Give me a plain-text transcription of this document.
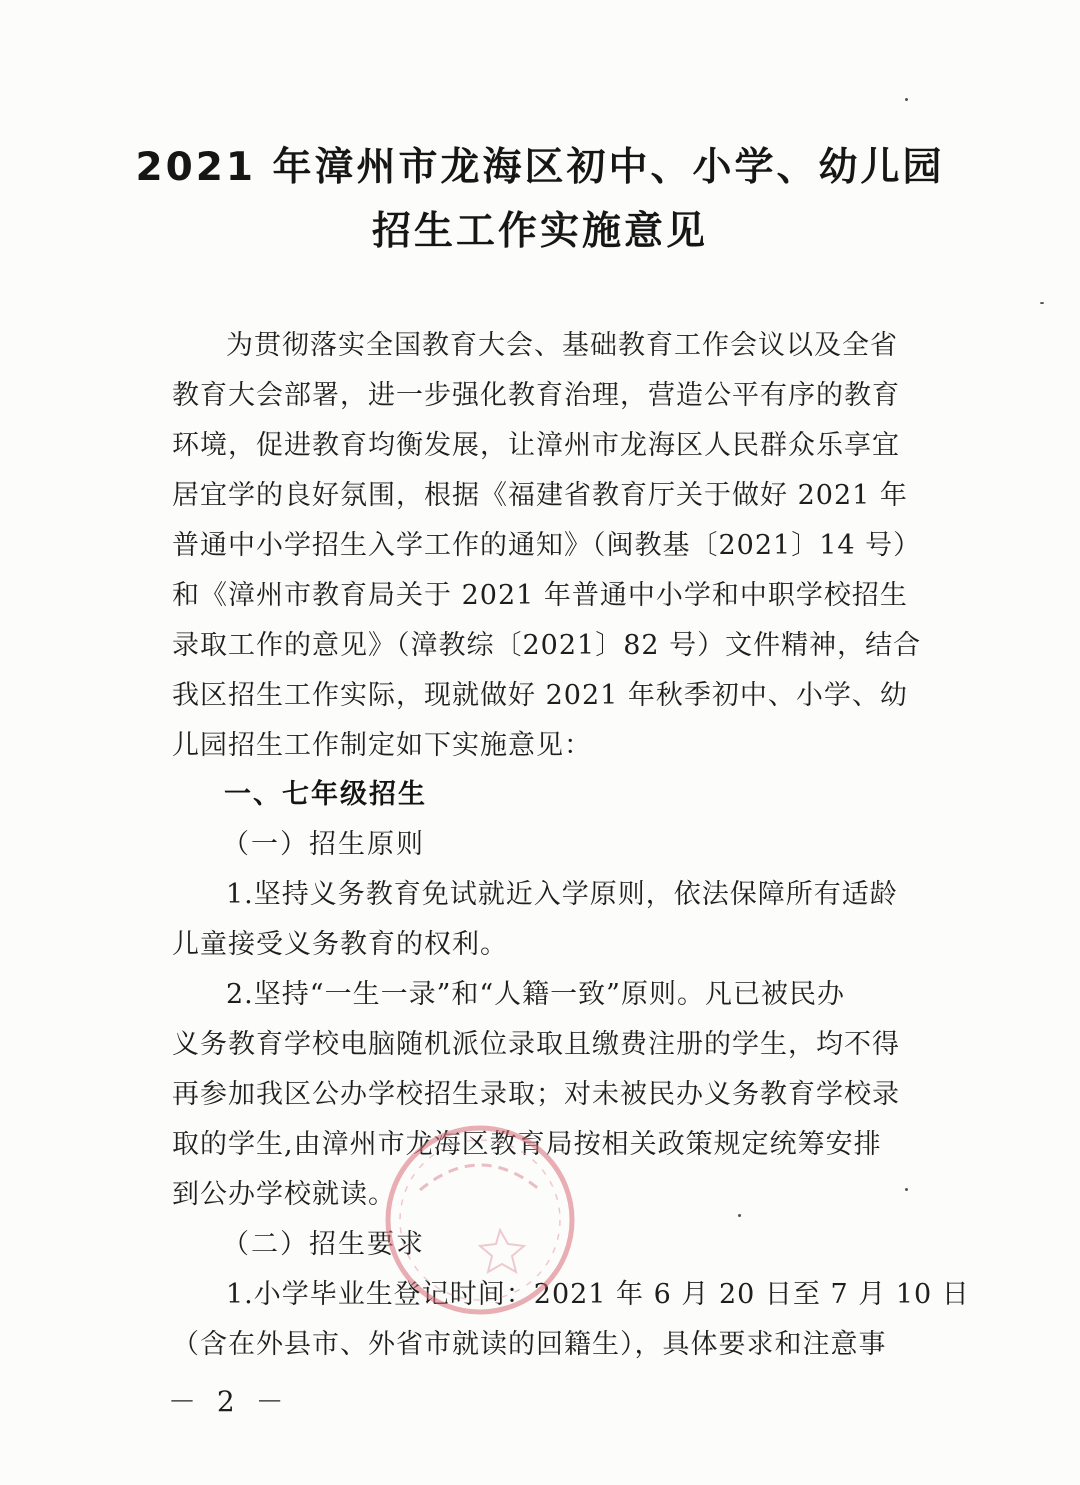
2021 年漳州市龙海区初中、小学、幼儿园
招生工作实施意见
为贯彻落实全国教育大会、基础教育工作会议以及全省
教育大会部署，进一步强化教育治理，营造公平有序的教育
环境，促进教育均衡发展，让漳州市龙海区人民群众乐享宜
居宜学的良好氛围，根据《福建省教育厅关于做好 2021 年
普通中小学招生入学工作的通知》（闽教基〔2021〕14 号）
和《漳州市教育局关于 2021 年普通中小学和中职学校招生
录取工作的意见》（漳教综〔2021〕82 号）文件精神，结合
我区招生工作实际，现就做好 2021 年秋季初中、小学、幼
儿园招生工作制定如下实施意见：
一、七年级招生
（一）招生原则
1.坚持义务教育免试就近入学原则，依法保障所有适龄
儿童接受义务教育的权利。
2.坚持“一生一录”和“人籍一致”原则。凡已被民办
义务教育学校电脑随机派位录取且缴费注册的学生，均不得
再参加我区公办学校招生录取；对未被民办义务教育学校录
取的学生,由漳州市龙海区教育局按相关政策规定统筹安排
到公办学校就读。
（二）招生要求
1.小学毕业生登记时间：2021 年 6 月 20 日至 7 月 10 日
（含在外县市、外省市就读的回籍生），具体要求和注意事
－ 2 －
